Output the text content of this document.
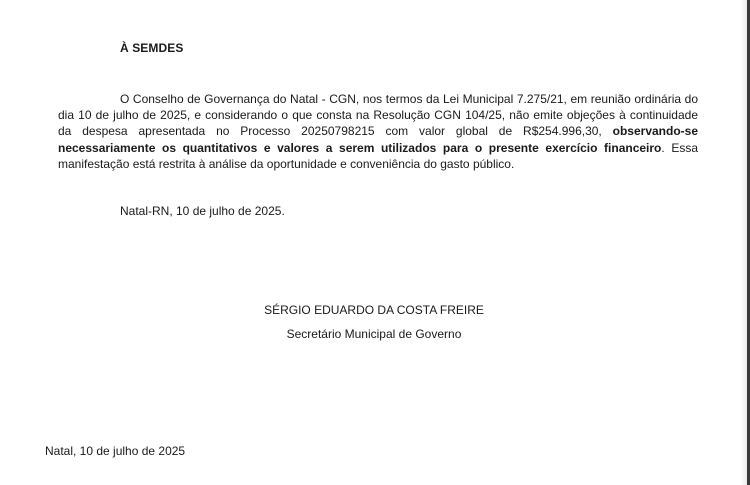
À SEMDES

O Conselho de Governança do Natal - CGN, nos termos da Lei Municipal 7.275/21, em reunião ordinária do dia 10 de julho de 2025, e considerando o que consta na Resolução CGN 104/25, não emite objeções à continuidade da despesa apresentada no Processo 20250798215 com valor global de R$254.996,30, observando-se necessariamente os quantitativos e valores a serem utilizados para o presente exercício financeiro. Essa manifestação está restrita à análise da oportunidade e conveniência do gasto público.

Natal-RN, 10 de julho de 2025.

SÉRGIO EDUARDO DA COSTA FREIRE

Secretário Municipal de Governo

Natal, 10 de julho de 2025
